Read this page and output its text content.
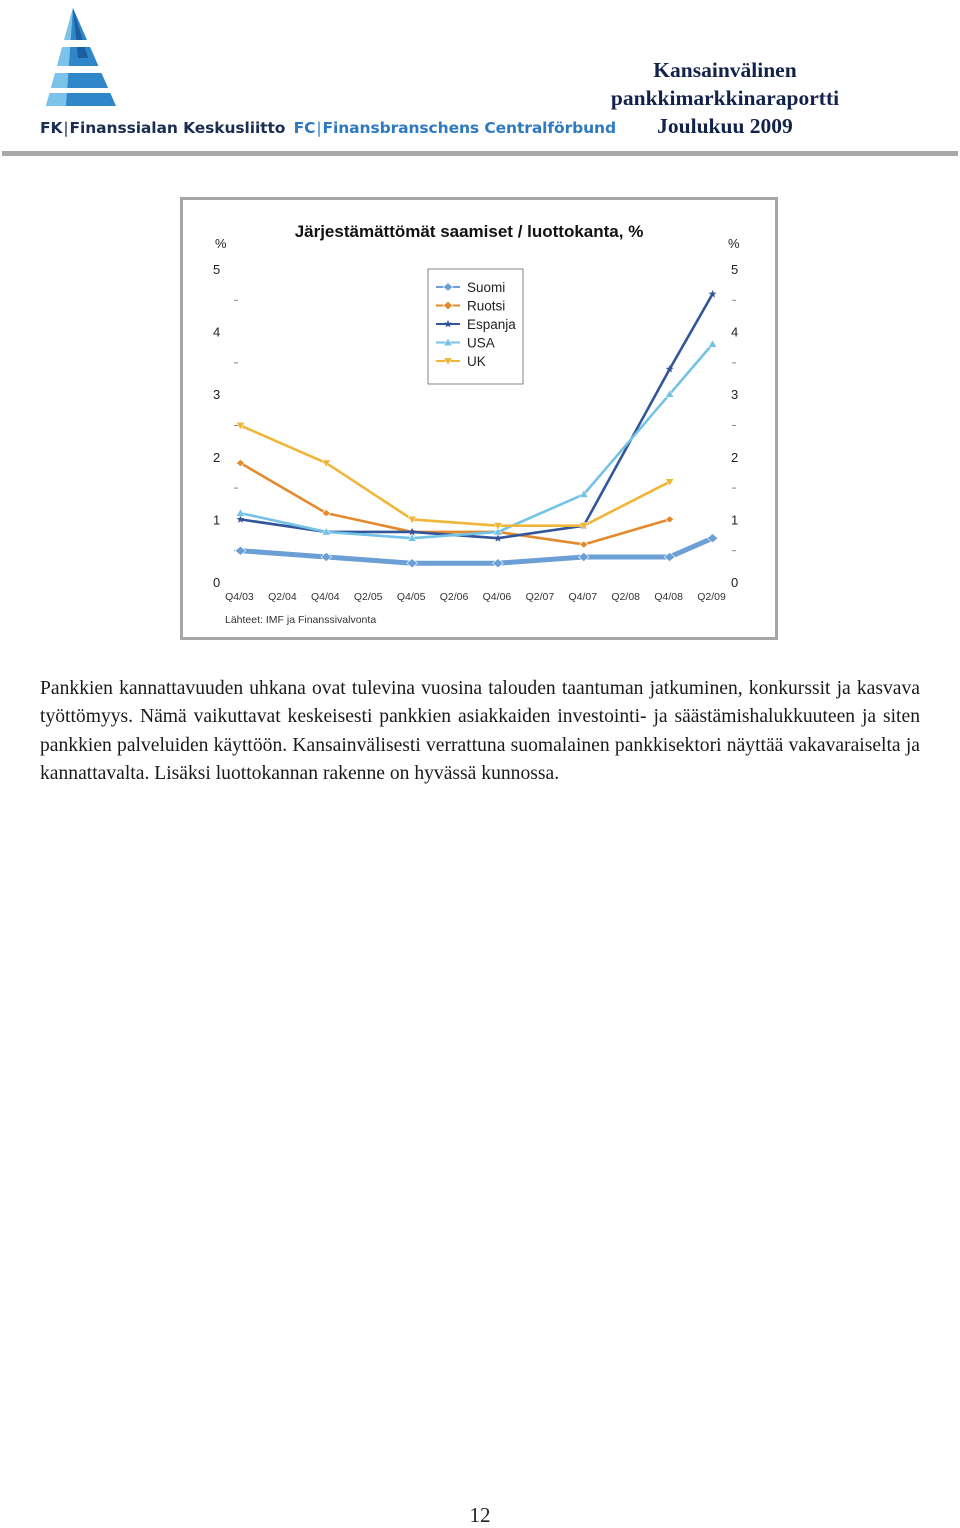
FK|Finanssialan Keskusliitto FC|Finansbranschens Centralförbund
Kansainvälinen
pankkimarkkinaraportti
Joulukuu 2009
Järjestämättömät saamiset / luottokanta, %
%	%
0	0
1	1
2	2
3	3
4	4
5	5
Q4/03 Q2/04 Q4/04 Q2/05 Q4/05 Q2/06 Q4/06 Q2/07 Q4/07 Q2/08 Q4/08 Q2/09
Lähteet: IMF ja Finanssivalvonta
Suomi
Ruotsi
Espanja
USA
UK

Pankkien kannattavuuden uhkana ovat tulevina vuosina talouden taantuman jatkuminen, konkurssit ja kasvava työttömyys. Nämä vaikuttavat keskeisesti pankkien asiakkaiden investointi- ja säästämishalukkuuteen ja siten pankkien palveluiden käyttöön. Kansainvälisesti verrattuna suomalainen pankkisektori näyttää vakavaraiselta ja kannattavalta. Lisäksi luottokannan rakenne on hyvässä kunnossa.

12
